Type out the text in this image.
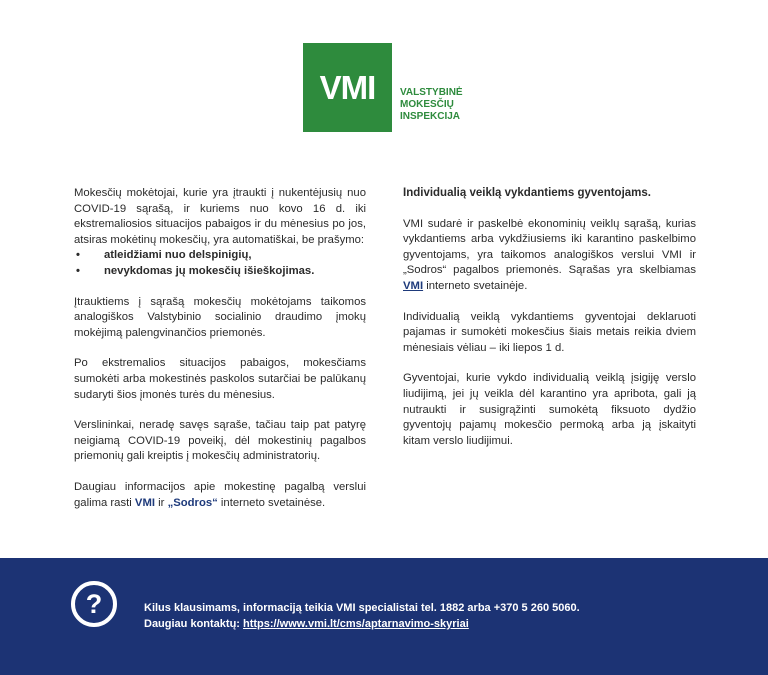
VMI VALSTYBINĖ
MOKESČIŲ
INSPEKCIJA

Mokesčių mokėtojai, kurie yra įtraukti į nukentėjusių nuo COVID-19 sąrašą, ir kuriems nuo kovo 16 d. iki ekstremaliosios situacijos pabaigos ir du mėnesius po jos, atsiras mokėtinų mokesčių, yra automatiškai, be prašymo:

• atleidžiami nuo delspinigių,
• nevykdomas jų mokesčių išieškojimas.

Įtrauktiems į sąrašą mokesčių mokėtojams taikomos analogiškos Valstybinio socialinio draudimo įmokų mokėjimą palengvinančios priemonės.

Po ekstremalios situacijos pabaigos, mokesčiams sumokėti arba mokestinės paskolos sutarčiai be palūkanų sudaryti šios įmonės turės du mėnesius.

Verslininkai, neradę savęs sąraše, tačiau taip pat patyrę neigiamą COVID-19 poveikį, dėl mokestinių pagalbos priemonių gali kreiptis į mokesčių administratorių.

Daugiau informacijos apie mokestinę pagalbą verslui galima rasti VMI ir „Sodros“ interneto svetainėse.

Individualią veiklą vykdantiems gyventojams.

VMI sudarė ir paskelbė ekonominių veiklų sąrašą, kurias vykdantiems arba vykdžiusiems iki karantino paskelbimo gyventojams, yra taikomos analogiškos verslui VMI ir „Sodros“ pagalbos priemonės. Sąrašas yra skelbiamas VMI interneto svetainėje.

Individualią veiklą vykdantiems gyventojai deklaruoti pajamas ir sumokėti mokesčius šiais metais reikia dviem mėnesiais vėliau – iki liepos 1 d.

Gyventojai, kurie vykdo individualią veiklą įsigiję verslo liudijimą, jei jų veikla dėl karantino yra apribota, gali ją nutraukti ir susigrąžinti sumokėtą fiksuoto dydžio gyventojų pajamų mokesčio permoką arba ją įskaityti kitam verslo liudijimui.

?	Kilus klausimams, informaciją teikia VMI specialistai tel. 1882 arba +370 5 260 5060.
Daugiau kontaktų: https://www.vmi.lt/cms/aptarnavimo-skyriai
